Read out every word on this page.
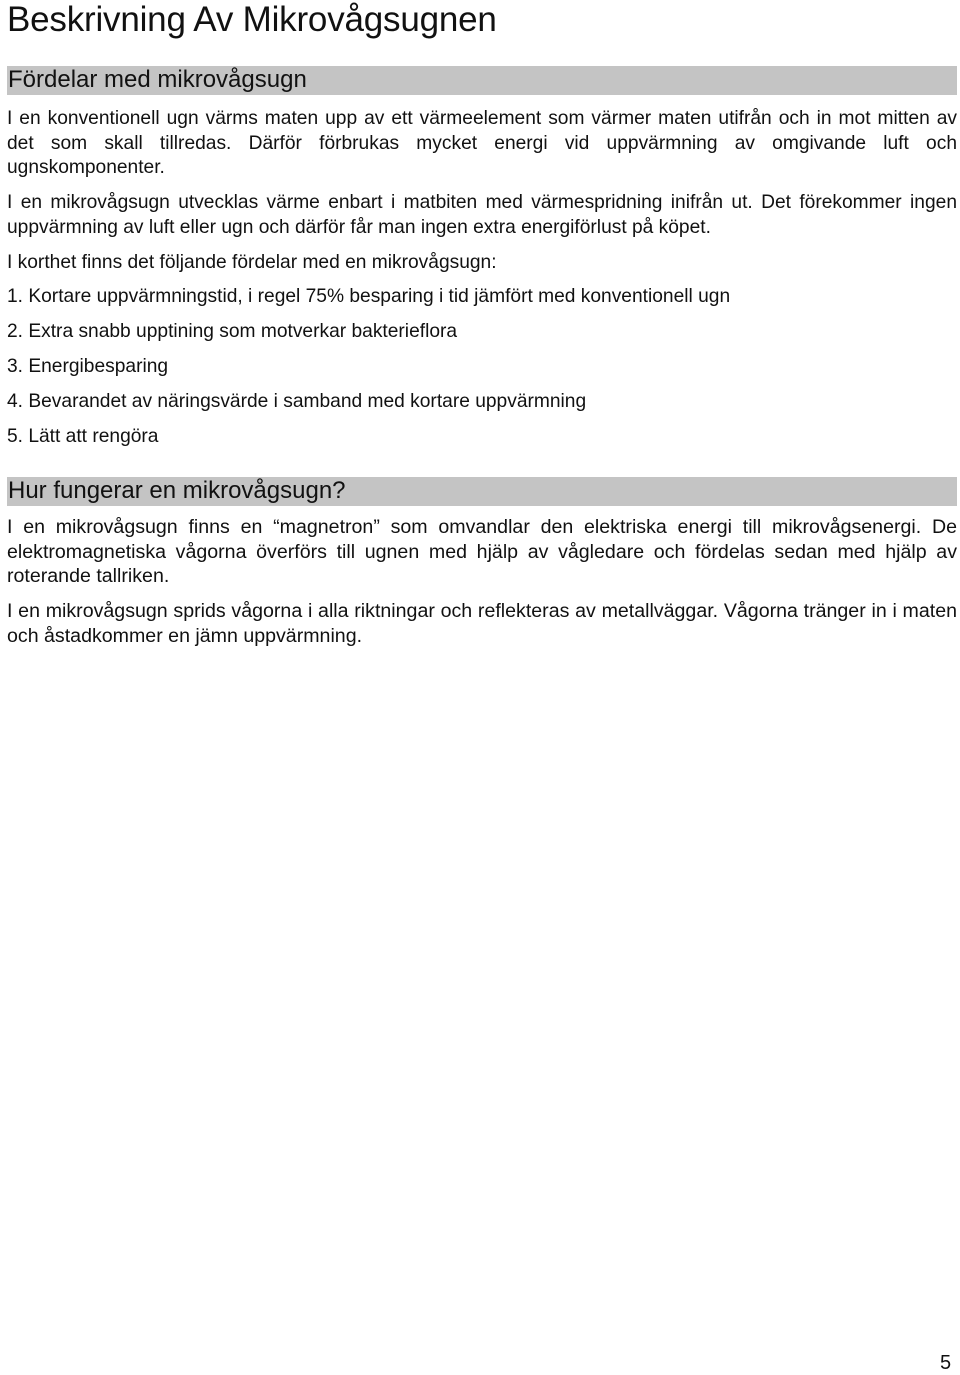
Beskrivning Av Mikrovågsugnen
Fördelar med mikrovågsugn

I en konventionell ugn värms maten upp av ett värmeelement som värmer maten utifrån och in mot mitten av det som skall tillredas. Därför förbrukas mycket energi vid uppvärmning av omgivande luft och ugnskomponenter.

I en mikrovågsugn utvecklas värme enbart i matbiten med värmespridning inifrån ut. Det förekommer ingen uppvärmning av luft eller ugn och därför får man ingen extra energiförlust på köpet.

I korthet finns det följande fördelar med en mikrovågsugn:

1. Kortare uppvärmningstid, i regel 75% besparing i tid jämfört med konventionell ugn
2. Extra snabb upptining som motverkar bakterieflora
3. Energibesparing
4. Bevarandet av näringsvärde i samband med kortare uppvärmning
5. Lätt att rengöra
Hur fungerar en mikrovågsugn?

I en mikrovågsugn finns en “magnetron” som omvandlar den elektriska energi till mikrovågsenergi. De elektromagnetiska vågorna överförs till ugnen med hjälp av vågledare och fördelas sedan med hjälp av roterande tallriken.

I en mikrovågsugn sprids vågorna i alla riktningar och reflekteras av metallväggar. Vågorna tränger in i maten och åstadkommer en jämn uppvärmning.

5
